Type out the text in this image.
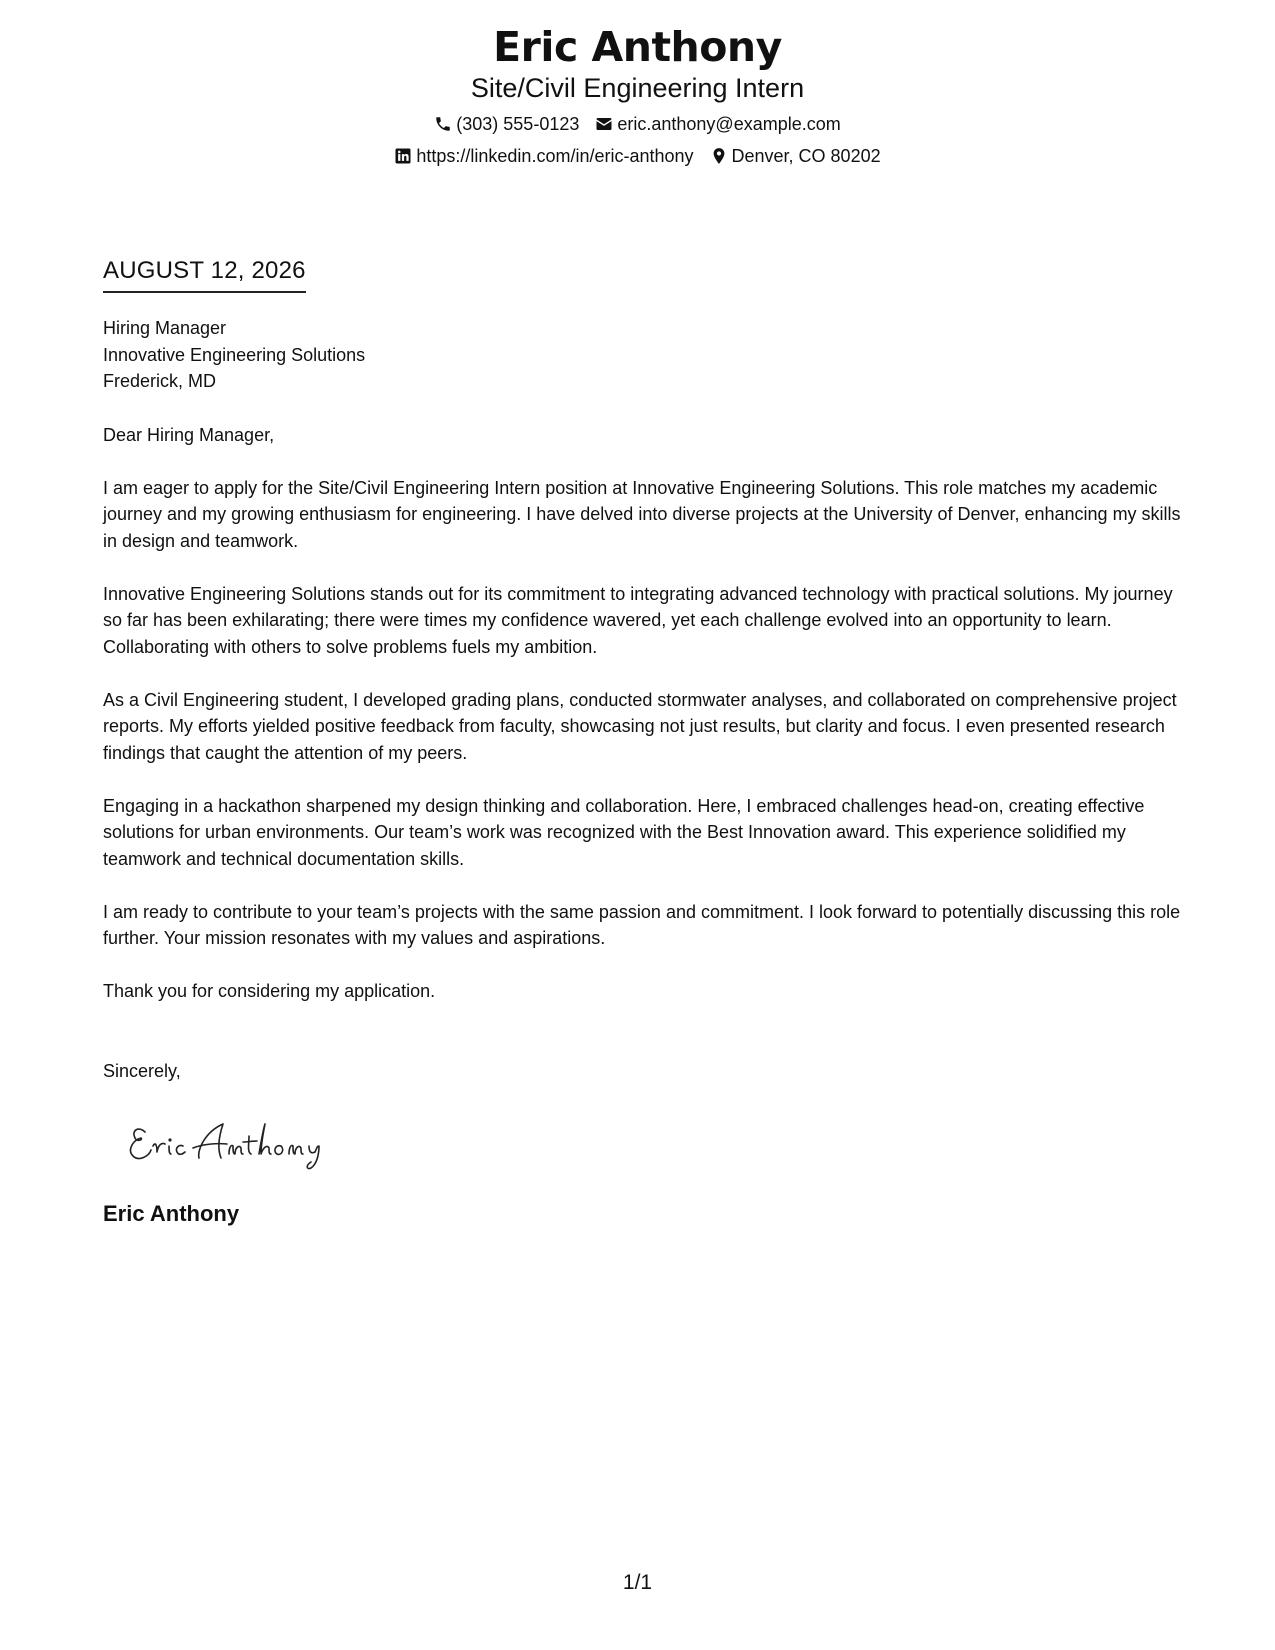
Eric Anthony
Site/Civil Engineering Intern
(303) 555-0123 eric.anthony@example.com
https://linkedin.com/in/eric-anthony Denver, CO 80202
AUGUST 12, 2026
Hiring Manager
Innovative Engineering Solutions
Frederick, MD
Dear Hiring Manager,
I am eager to apply for the Site/Civil Engineering Intern position at Innovative Engineering Solutions. This role matches my academic journey and my growing enthusiasm for engineering. I have delved into diverse projects at the University of Denver, enhancing my skills in design and teamwork.
Innovative Engineering Solutions stands out for its commitment to integrating advanced technology with practical solutions. My journey so far has been exhilarating; there were times my confidence wavered, yet each challenge evolved into an opportunity to learn. Collaborating with others to solve problems fuels my ambition.
As a Civil Engineering student, I developed grading plans, conducted stormwater analyses, and collaborated on comprehensive project reports. My efforts yielded positive feedback from faculty, showcasing not just results, but clarity and focus. I even presented research findings that caught the attention of my peers.
Engaging in a hackathon sharpened my design thinking and collaboration. Here, I embraced challenges head-on, creating effective solutions for urban environments. Our team’s work was recognized with the Best Innovation award. This experience solidified my teamwork and technical documentation skills.
I am ready to contribute to your team’s projects with the same passion and commitment. I look forward to potentially discussing this role further. Your mission resonates with my values and aspirations.
Thank you for considering my application.
Sincerely,
Eric Anthony
1/1
